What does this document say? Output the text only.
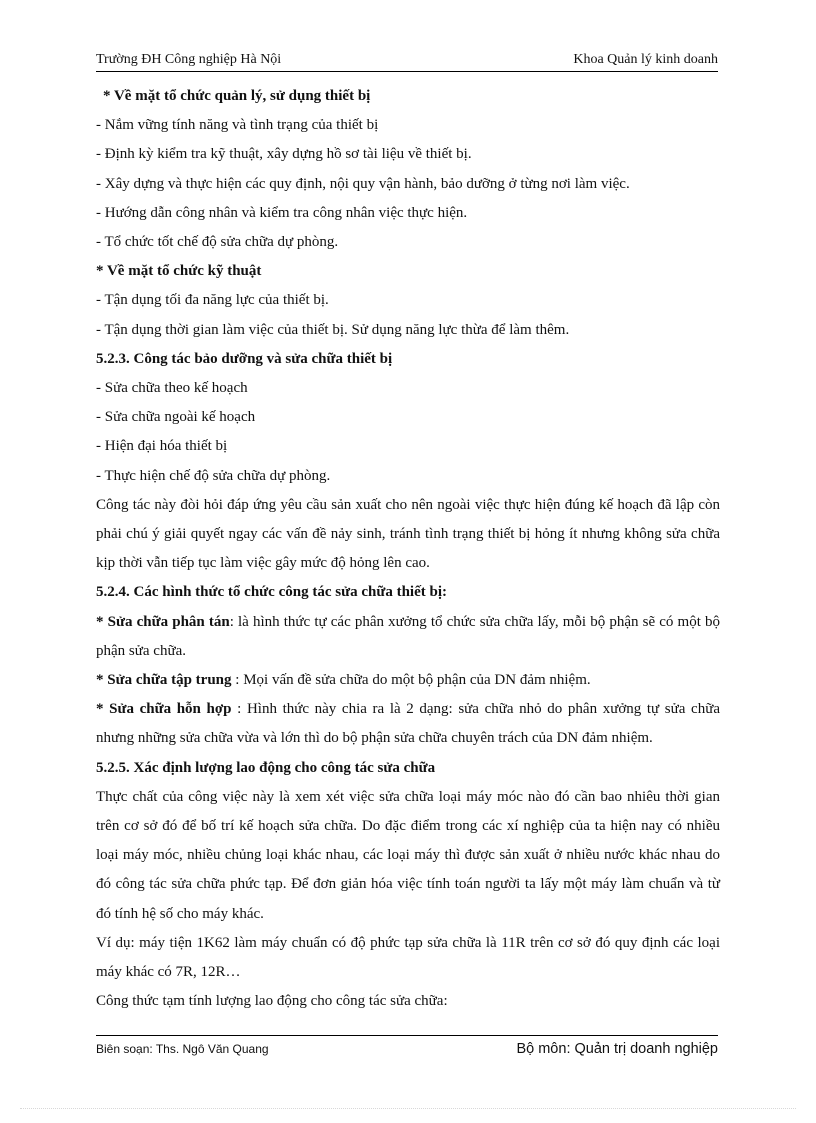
Trường ĐH Công nghiệp Hà Nội	Khoa Quản lý kinh doanh

* Về mặt tổ chức quản lý, sử dụng thiết bị

- Nắm vững tính năng và tình trạng của thiết bị

- Định kỳ kiểm tra kỹ thuật, xây dựng hồ sơ tài liệu về thiết bị.

- Xây dựng và thực hiện các quy định, nội quy vận hành, bảo dưỡng ở từng nơi làm việc.

- Hướng dẫn công nhân và kiểm tra công nhân việc thực hiện.

- Tổ chức tốt chế độ sửa chữa dự phòng.

* Về mặt tổ chức kỹ thuật

- Tận dụng tối đa năng lực của thiết bị.

- Tận dụng thời gian làm việc của thiết bị. Sử dụng năng lực thừa để làm thêm.

5.2.3. Công tác bảo dưỡng và sửa chữa thiết bị

- Sửa chữa theo kế hoạch

- Sửa chữa ngoài kế hoạch

- Hiện đại hóa thiết bị

- Thực hiện chế độ sửa chữa dự phòng.

Công tác này đòi hỏi đáp ứng yêu cầu sản xuất cho nên ngoài việc thực hiện đúng kế hoạch đã lập còn phải chú ý giải quyết ngay các vấn đề nảy sinh, tránh tình trạng thiết bị hỏng ít nhưng không sửa chữa kịp thời vẫn tiếp tục làm việc gây mức độ hỏng lên cao.

5.2.4. Các hình thức tổ chức công tác sửa chữa thiết bị:

* Sửa chữa phân tán: là hình thức tự các phân xưởng tổ chức sửa chữa lấy, mỗi bộ phận sẽ có một bộ phận sửa chữa.

* Sửa chữa tập trung : Mọi vấn đề sửa chữa do một bộ phận của DN đảm nhiệm.

* Sửa chữa hỗn hợp : Hình thức này chia ra là 2 dạng: sửa chữa nhỏ do phân xưởng tự sửa chữa nhưng những sửa chữa vừa và lớn thì do bộ phận sửa chữa chuyên trách của DN đảm nhiệm.

5.2.5. Xác định lượng lao động cho công tác sửa chữa

Thực chất của công việc này là xem xét việc sửa chữa loại máy móc nào đó cần bao nhiêu thời gian trên cơ sở đó để bố trí kế hoạch sửa chữa. Do đặc điểm trong các xí nghiệp của ta hiện nay có nhiều loại máy móc, nhiều chủng loại khác nhau, các loại máy thì được sản xuất ở nhiều nước khác nhau do đó công tác sửa chữa phức tạp. Để đơn giản hóa việc tính toán người ta lấy một máy làm chuẩn và từ đó tính hệ số cho máy khác.

Ví dụ: máy tiện 1K62 làm máy chuẩn có độ phức tạp sửa chữa là 11R trên cơ sở đó quy định các loại máy khác có 7R, 12R…

Công thức tạm tính lượng lao động cho công tác sửa chữa:

Biên soạn: Ths. Ngô Văn Quang	Bộ môn: Quản trị doanh nghiệp
